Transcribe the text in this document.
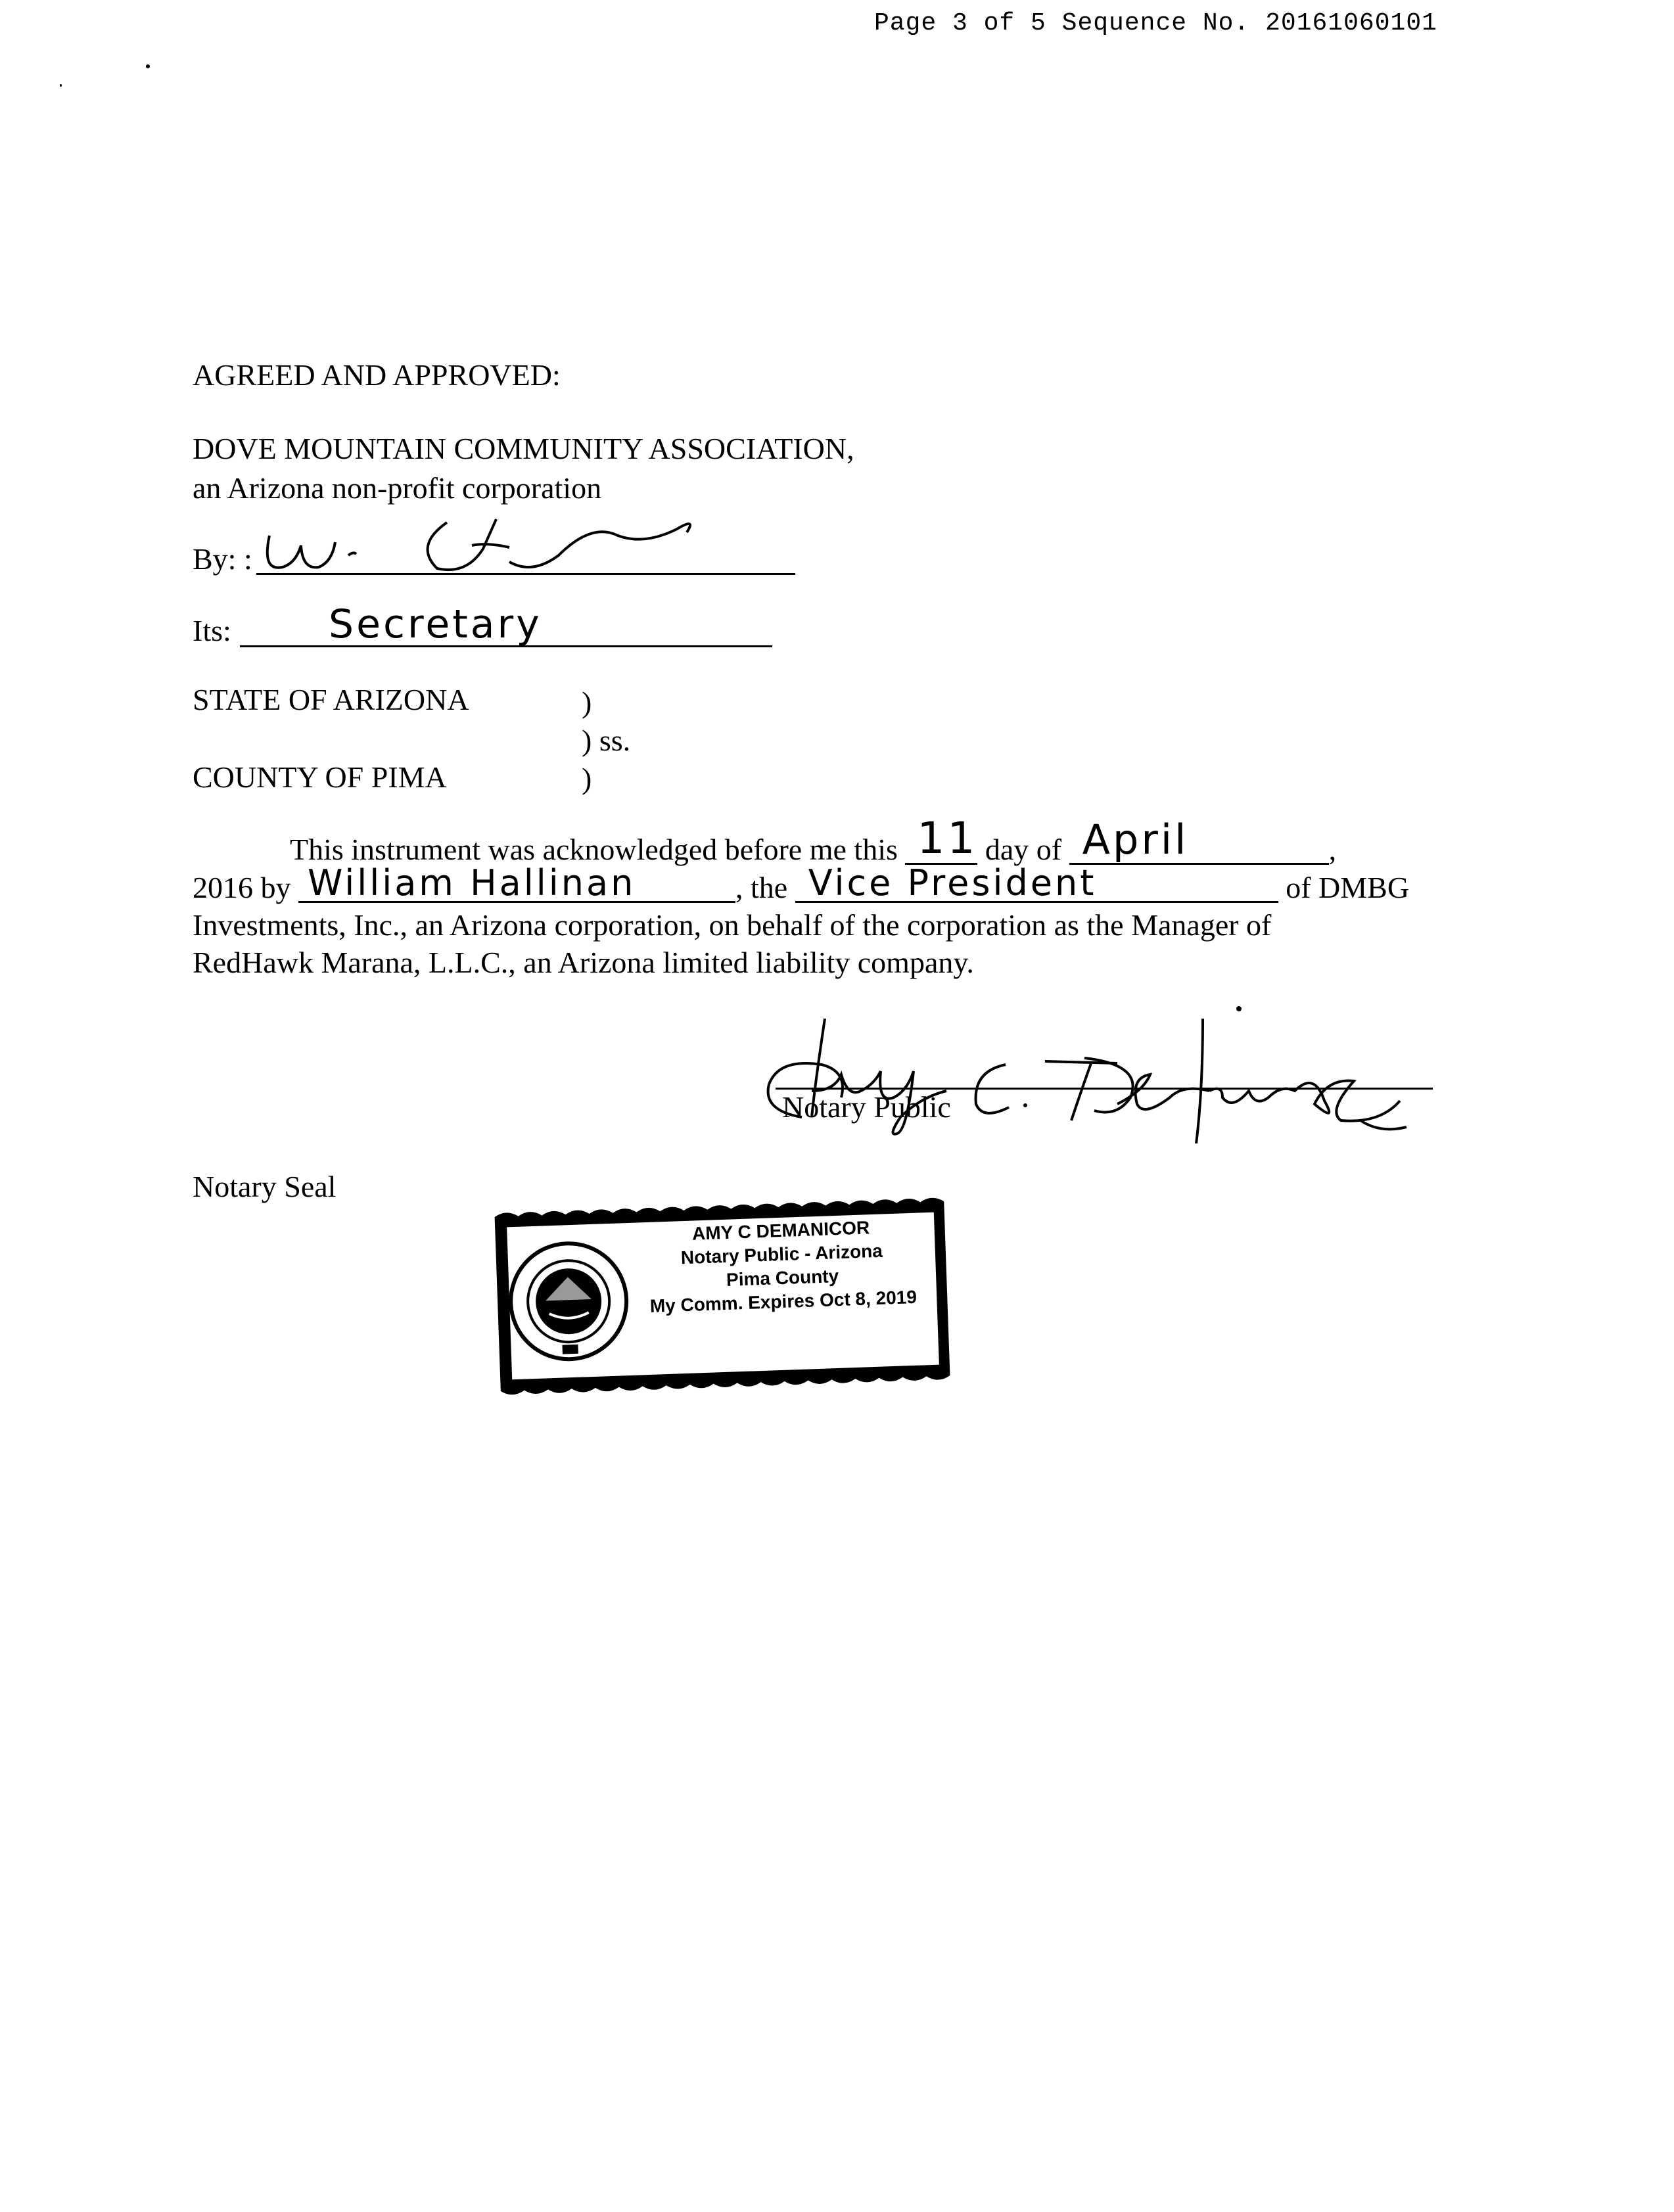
Page 3 of 5 Sequence No. 20161060101
AGREED AND APPROVED:
DOVE MOUNTAIN COMMUNITY ASSOCIATION,
an Arizona non-profit corporation
By: :
Its: Secretary
STATE OF ARIZONA	)
) ss.
COUNTY OF PIMA	)
This instrument was acknowledged before me this 11 day of April	,
2016 by William Hallinan	, the Vice President	of DMBG
Investments, Inc., an Arizona corporation, on behalf of the corporation as the Manager of
RedHawk Marana, L.L.C., an Arizona limited liability company.
Notary Public
Notary Seal
AMY C DEMANICOR
Notary Public - Arizona
Pima County
My Comm. Expires Oct 8, 2019
